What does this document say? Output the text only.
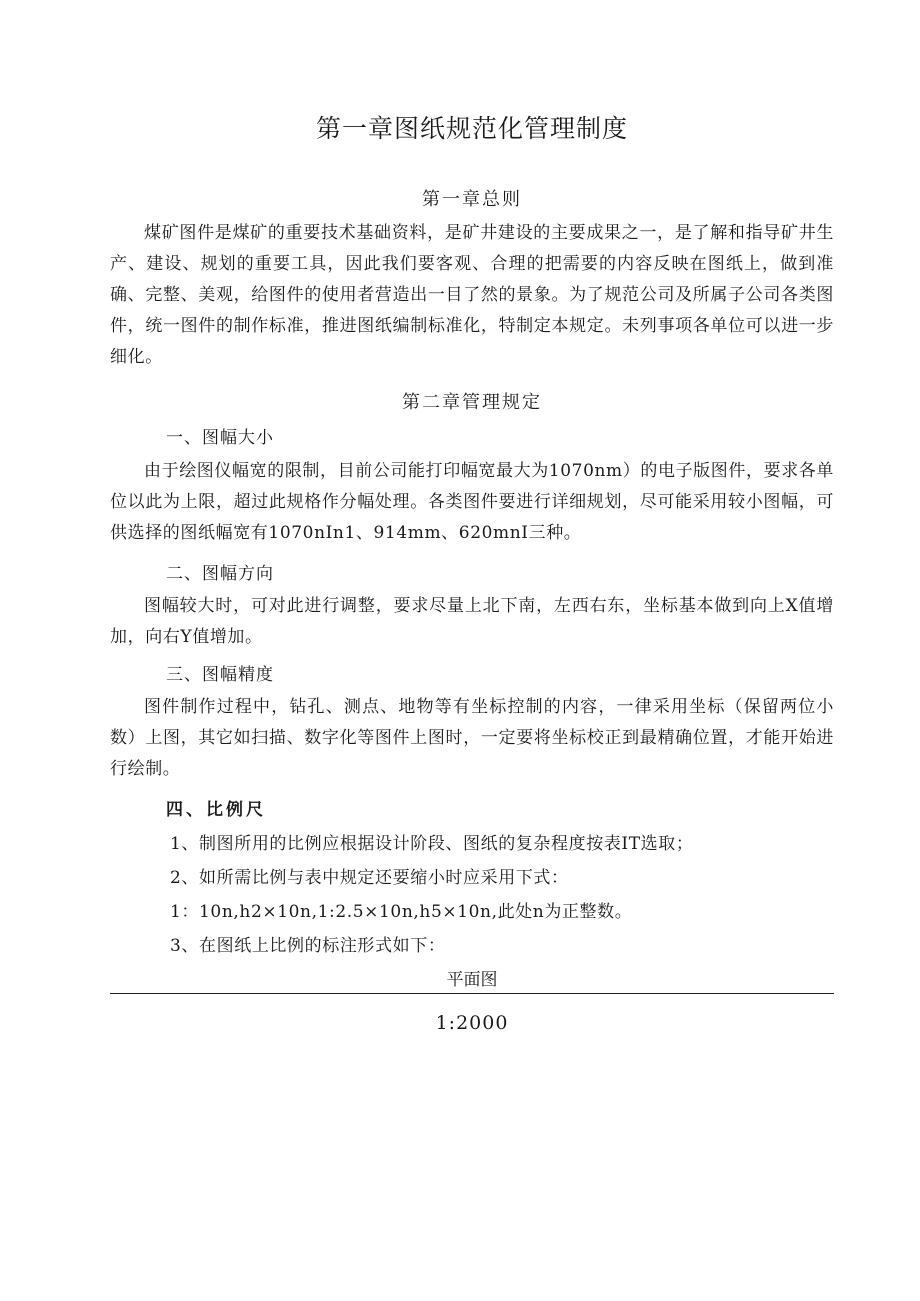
第一章图纸规范化管理制度
第一章总则

煤矿图件是煤矿的重要技术基础资料，是矿井建设的主要成果之一，是了解和指导矿井生产、建设、规划的重要工具，因此我们要客观、合理的把需要的内容反映在图纸上，做到准确、完整、美观，给图件的使用者营造出一目了然的景象。为了规范公司及所属子公司各类图件，统一图件的制作标准，推进图纸编制标准化，特制定本规定。未列事项各单位可以进一步细化。

第二章管理规定
一、图幅大小

由于绘图仪幅宽的限制，目前公司能打印幅宽最大为1070nm）的电子版图件，要求各单位以此为上限，超过此规格作分幅处理。各类图件要进行详细规划，尽可能采用较小图幅，可供选择的图纸幅宽有1070nIn1、914mm、620mnI三种。

二、图幅方向

图幅较大时，可对此进行调整，要求尽量上北下南，左西右东，坐标基本做到向上X值增加，向右Y值增加。

三、图幅精度

图件制作过程中，钻孔、测点、地物等有坐标控制的内容，一律采用坐标（保留两位小数）上图，其它如扫描、数字化等图件上图时，一定要将坐标校正到最精确位置，才能开始进行绘制。

四、比例尺

1、制图所用的比例应根据设计阶段、图纸的复杂程度按表IT选取；

2、如所需比例与表中规定还要缩小时应采用下式：

1：10n,h2×10n,1:2.5×10n,h5×10n,此处n为正整数。

3、在图纸上比例的标注形式如下：

平面图

1:2000
